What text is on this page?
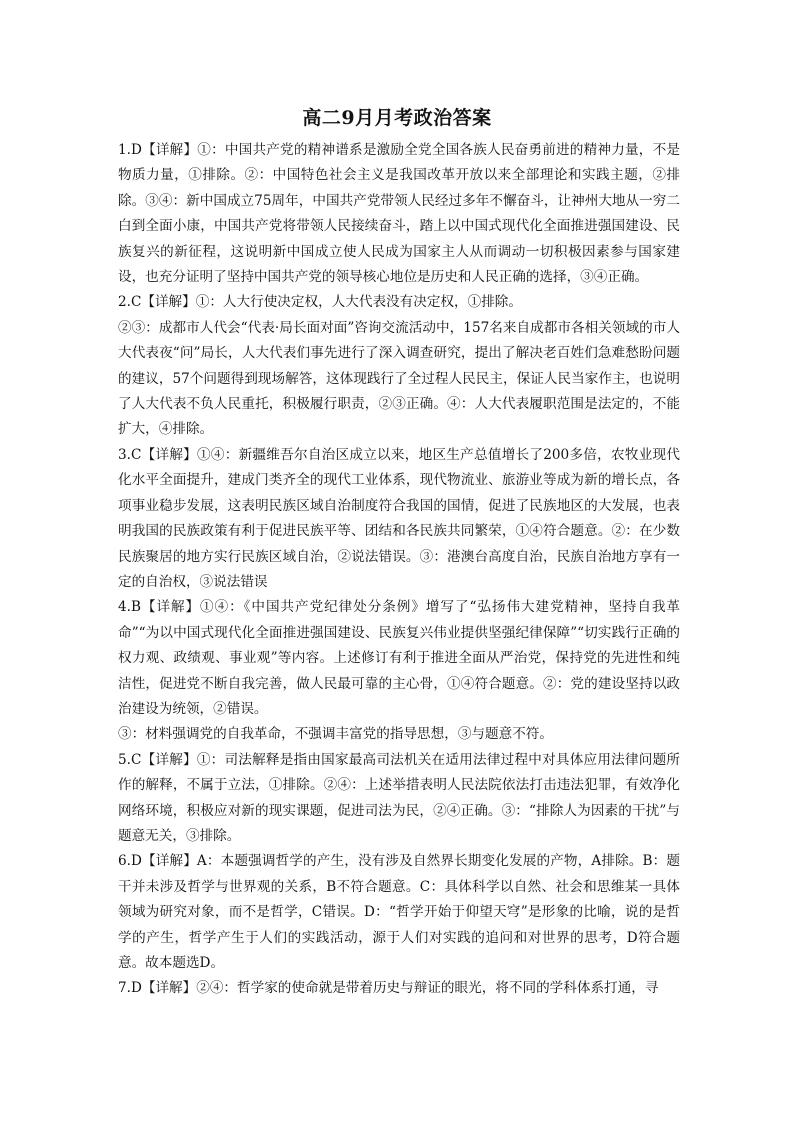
高二9月月考政治答案

1.D【详解】①：中国共产党的精神谱系是激励全党全国各族人民奋勇前进的精神力量，不是物质力量，①排除。②：中国特色社会主义是我国改革开放以来全部理论和实践主题，②排除。③④：新中国成立75周年，中国共产党带领人民经过多年不懈奋斗，让神州大地从一穷二白到全面小康，中国共产党将带领人民接续奋斗，踏上以中国式现代化全面推进强国建设、民族复兴的新征程，这说明新中国成立使人民成为国家主人从而调动一切积极因素参与国家建设，也充分证明了坚持中国共产党的领导核心地位是历史和人民正确的选择，③④正确。

2.C【详解】①：人大行使决定权，人大代表没有决定权，①排除。

②③：成都市人代会“代表·局长面对面”咨询交流活动中，157名来自成都市各相关领域的市人大代表夜“问”局长，人大代表们事先进行了深入调查研究，提出了解决老百姓们急难愁盼问题的建议，57个问题得到现场解答，这体现践行了全过程人民民主，保证人民当家作主，也说明了人大代表不负人民重托，积极履行职责，②③正确。④：人大代表履职范围是法定的，不能扩大，④排除。

3.C【详解】①④：新疆维吾尔自治区成立以来，地区生产总值增长了200多倍，农牧业现代化水平全面提升，建成门类齐全的现代工业体系，现代物流业、旅游业等成为新的增长点，各项事业稳步发展，这表明民族区域自治制度符合我国的国情，促进了民族地区的大发展，也表明我国的民族政策有利于促进民族平等、团结和各民族共同繁荣，①④符合题意。②：在少数民族聚居的地方实行民族区域自治，②说法错误。③：港澳台高度自治，民族自治地方享有一定的自治权，③说法错误

4.B【详解】①④：《中国共产党纪律处分条例》增写了“弘扬伟大建党精神，坚持自我革命”“为以中国式现代化全面推进强国建设、民族复兴伟业提供坚强纪律保障”“切实践行正确的权力观、政绩观、事业观”等内容。上述修订有利于推进全面从严治党，保持党的先进性和纯洁性，促进党不断自我完善，做人民最可靠的主心骨，①④符合题意。②：党的建设坚持以政治建设为统领，②错误。

③：材料强调党的自我革命，不强调丰富党的指导思想，③与题意不符。

5.C【详解】①：司法解释是指由国家最高司法机关在适用法律过程中对具体应用法律问题所作的解释，不属于立法，①排除。②④：上述举措表明人民法院依法打击违法犯罪，有效净化网络环境，积极应对新的现实课题，促进司法为民，②④正确。③：“排除人为因素的干扰”与题意无关，③排除。

6.D【详解】A：本题强调哲学的产生，没有涉及自然界长期变化发展的产物，A排除。B：题干并未涉及哲学与世界观的关系，B不符合题意。C：具体科学以自然、社会和思维某一具体领域为研究对象，而不是哲学，C错误。D：“哲学开始于仰望天穹”是形象的比喻，说的是哲学的产生，哲学产生于人们的实践活动，源于人们对实践的追问和对世界的思考，D符合题意。故本题选D。

7.D【详解】②④：哲学家的使命就是带着历史与辩证的眼光，将不同的学科体系打通，寻
